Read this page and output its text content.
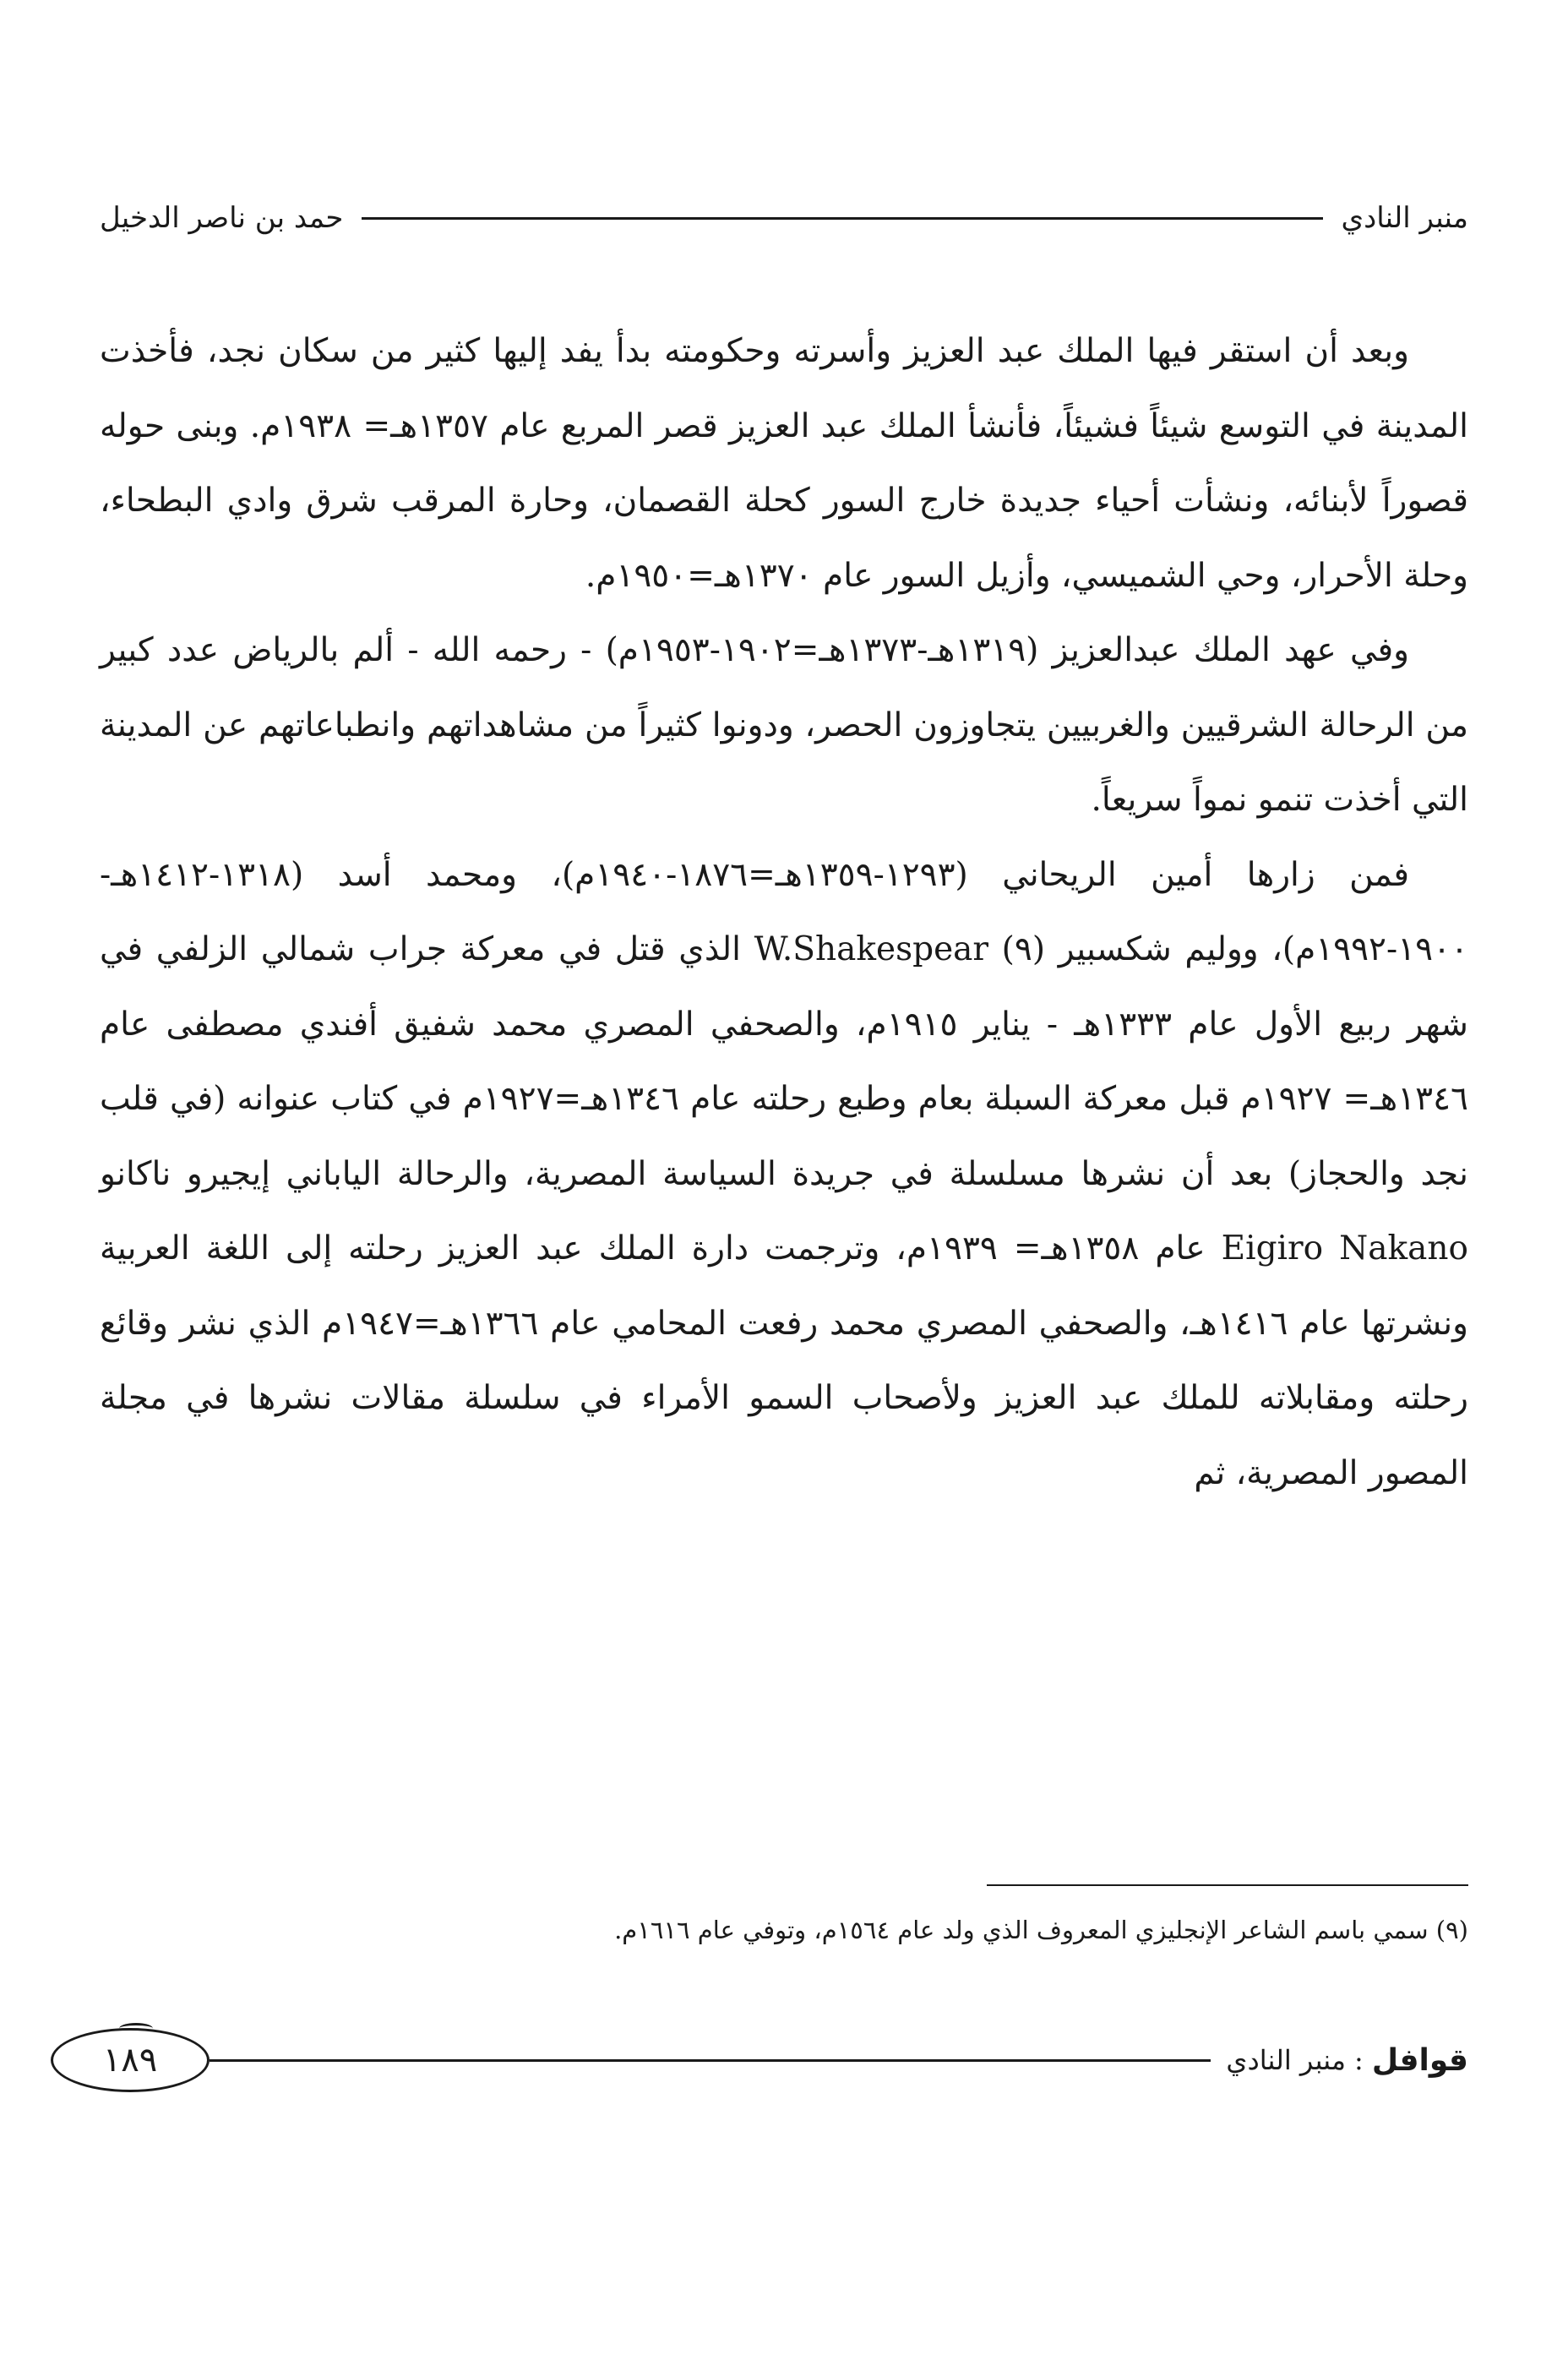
منبر النادي
حمد بن ناصر الدخيل

وبعد أن استقر فيها الملك عبد العزيز وأسرته وحكومته بدأ يفد إليها كثير من سكان نجد، فأخذت المدينة في التوسع شيئاً فشيئاً، فأنشأ الملك عبد العزيز قصر المربع عام ١٣٥٧هـ= ١٩٣٨م. وبنى حوله قصوراً لأبنائه، ونشأت أحياء جديدة خارج السور كحلة القصمان، وحارة المرقب شرق وادي البطحاء، وحلة الأحرار، وحي الشميسي، وأزيل السور عام ١٣٧٠هـ=١٩٥٠م.

وفي عهد الملك عبدالعزيز (١٣١٩هـ-١٣٧٣هـ=١٩٠٢-١٩٥٣م) - رحمه الله - ألم بالرياض عدد كبير من الرحالة الشرقيين والغربيين يتجاوزون الحصر، ودونوا كثيراً من مشاهداتهم وانطباعاتهم عن المدينة التي أخذت تنمو نمواً سريعاً.

فمن زارها أمين الريحاني (١٢٩٣-١٣٥٩هـ=١٨٧٦-١٩٤٠م)، ومحمد أسد (١٣١٨-١٤١٢هـ- ١٩٠٠-١٩٩٢م)، ووليم شكسبير (٩) W.Shakespear الذي قتل في معركة جراب شمالي الزلفي في شهر ربيع الأول عام ١٣٣٣هـ - يناير ١٩١٥م، والصحفي المصري محمد شفيق أفندي مصطفى عام ١٣٤٦هـ= ١٩٢٧م قبل معركة السبلة بعام وطبع رحلته عام ١٣٤٦هـ=١٩٢٧م في كتاب عنوانه (في قلب نجد والحجاز) بعد أن نشرها مسلسلة في جريدة السياسة المصرية، والرحالة الياباني إيجيرو ناكانو Eigiro Nakano عام ١٣٥٨هـ= ١٩٣٩م، وترجمت دارة الملك عبد العزيز رحلته إلى اللغة العربية ونشرتها عام ١٤١٦هـ، والصحفي المصري محمد رفعت المحامي عام ١٣٦٦هـ=١٩٤٧م الذي نشر وقائع رحلته ومقابلاته للملك عبد العزيز ولأصحاب السمو الأمراء في سلسلة مقالات نشرها في مجلة المصور المصرية، ثم

(٩) سمي باسم الشاعر الإنجليزي المعروف الذي ولد عام ١٥٦٤م، وتوفي عام ١٦١٦م.

قوافل
:
منبر النادي
١٨٩
